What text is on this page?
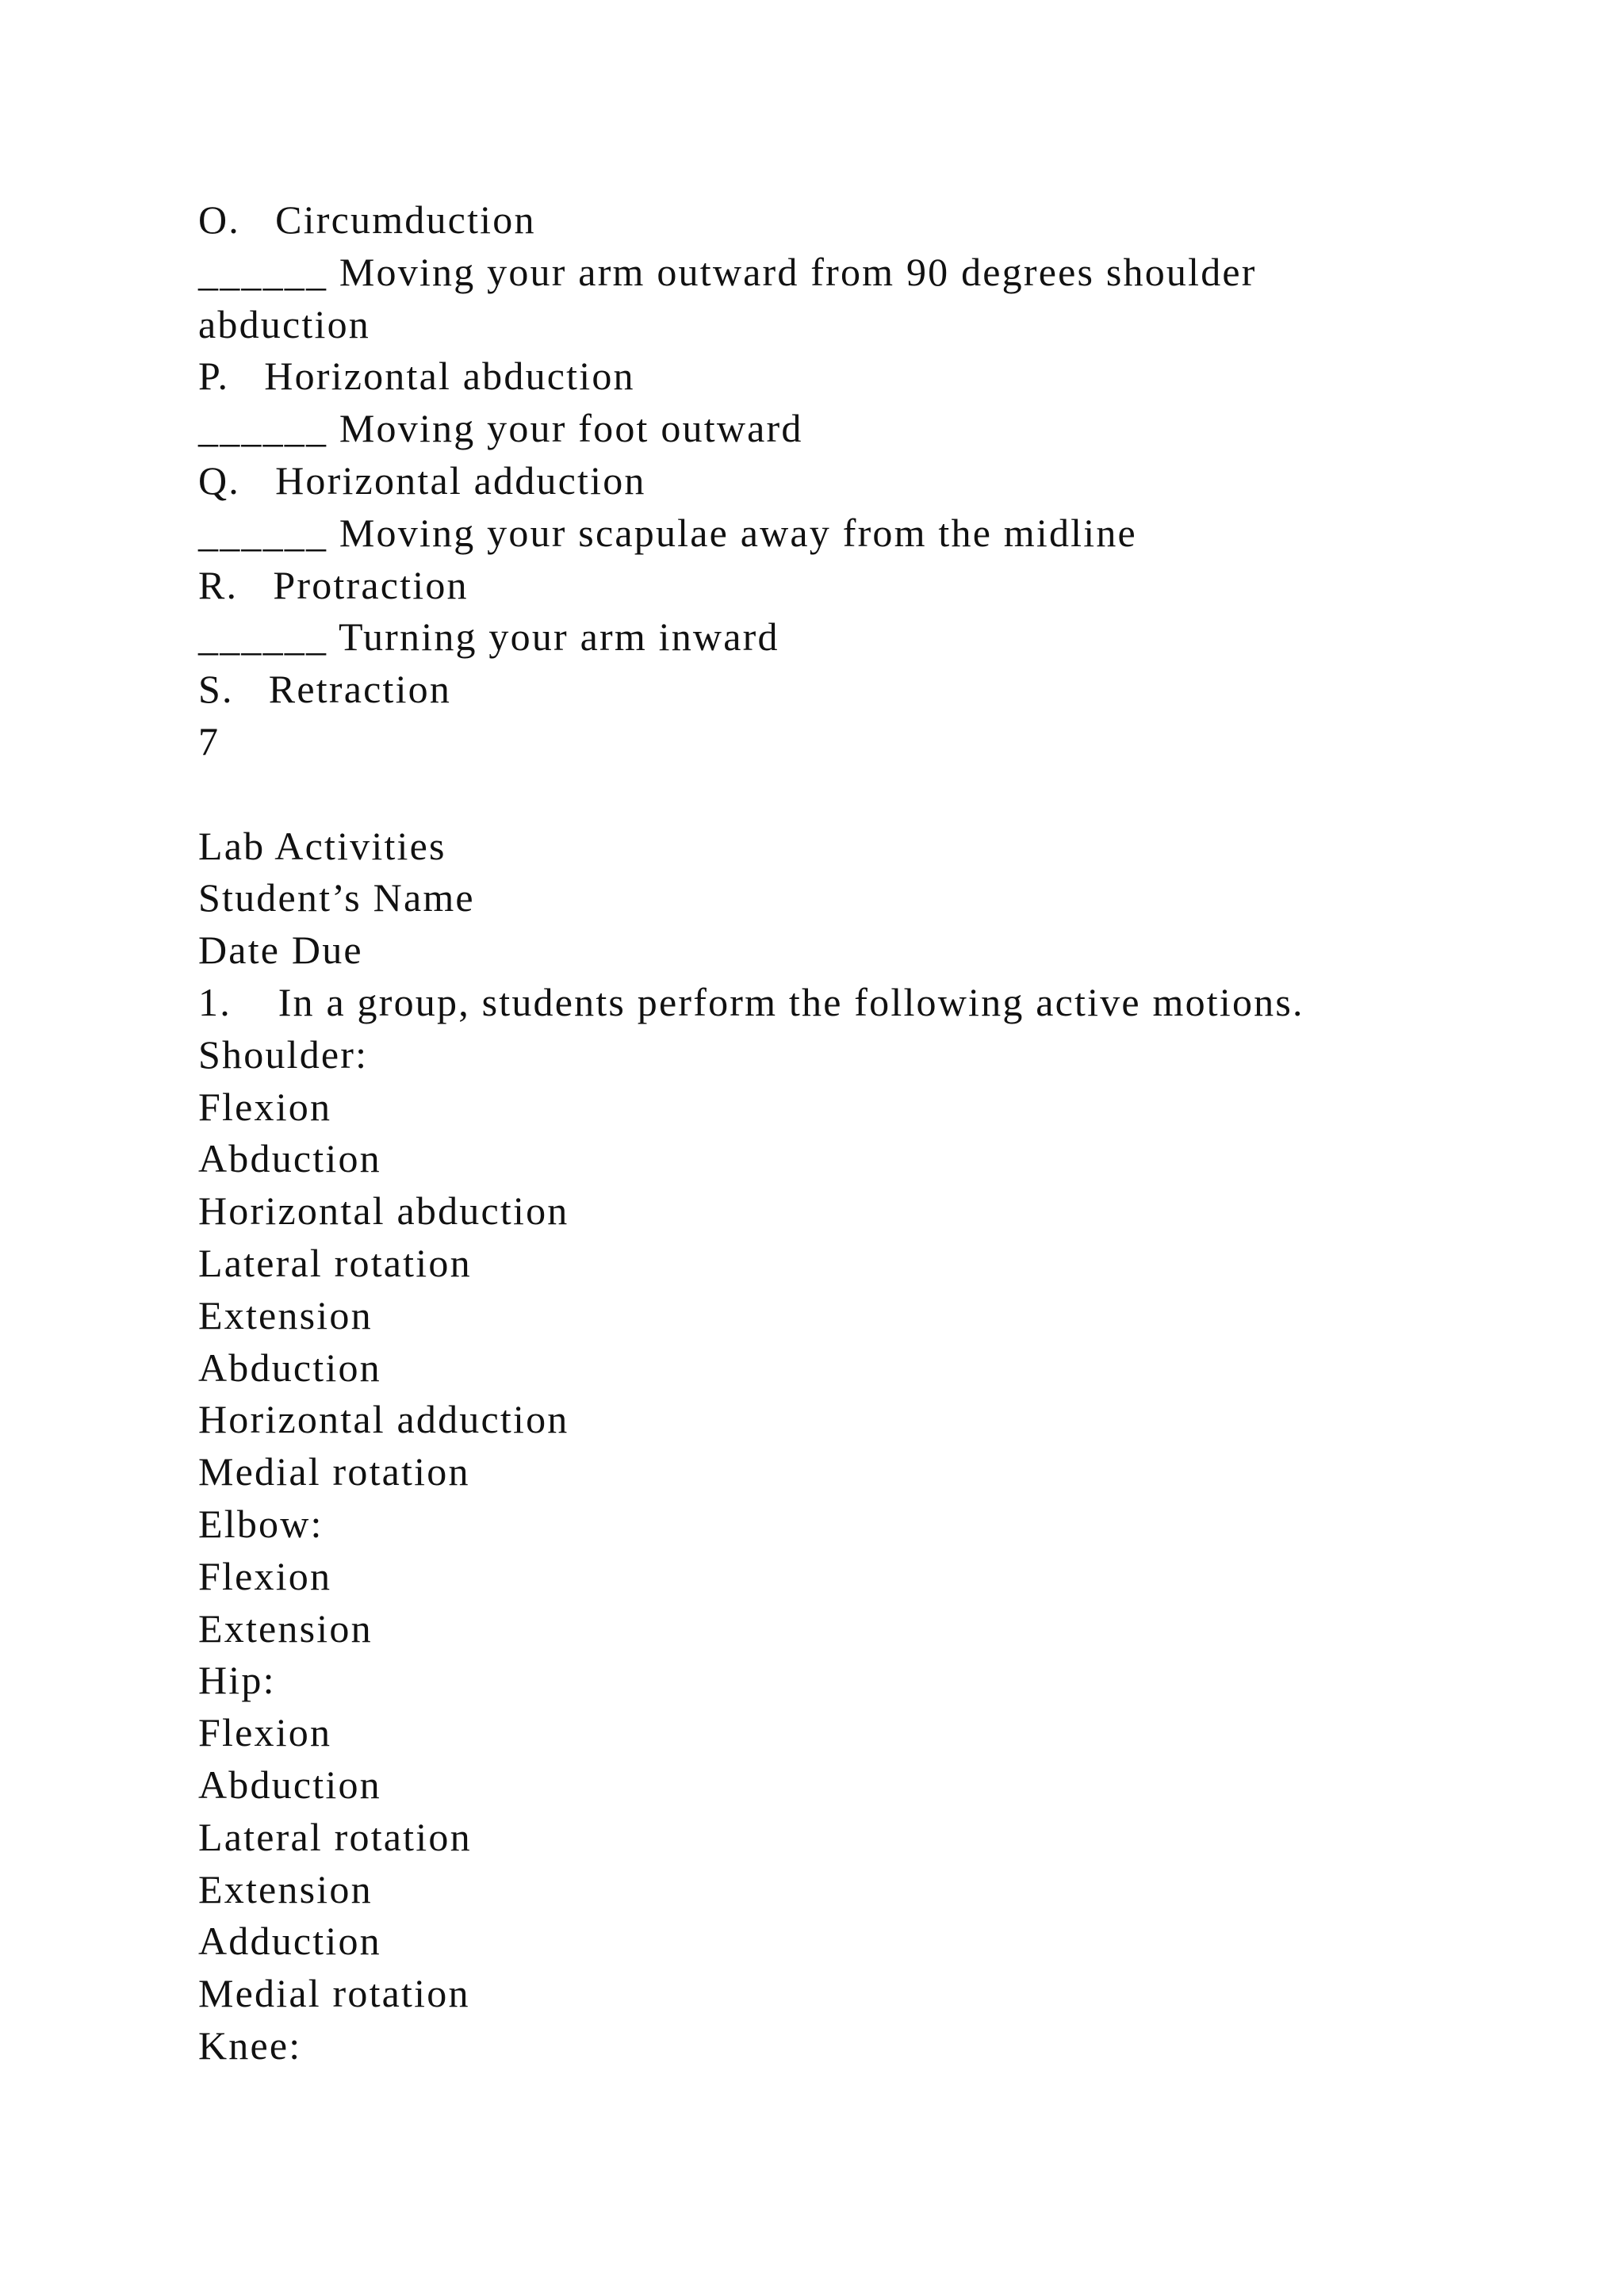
O.   Circumduction
______ Moving your arm outward from 90 degrees shoulder
abduction
P.   Horizontal abduction
______ Moving your foot outward
Q.   Horizontal adduction
______ Moving your scapulae away from the midline
R.   Protraction
______ Turning your arm inward
S.   Retraction
7
Lab Activities
Student’s Name
Date Due
1.    In a group, students perform the following active motions.
Shoulder:
Flexion
Abduction
Horizontal abduction
Lateral rotation
Extension
Abduction
Horizontal adduction
Medial rotation
Elbow:
Flexion
Extension
Hip:
Flexion
Abduction
Lateral rotation
Extension
Adduction
Medial rotation
Knee:
